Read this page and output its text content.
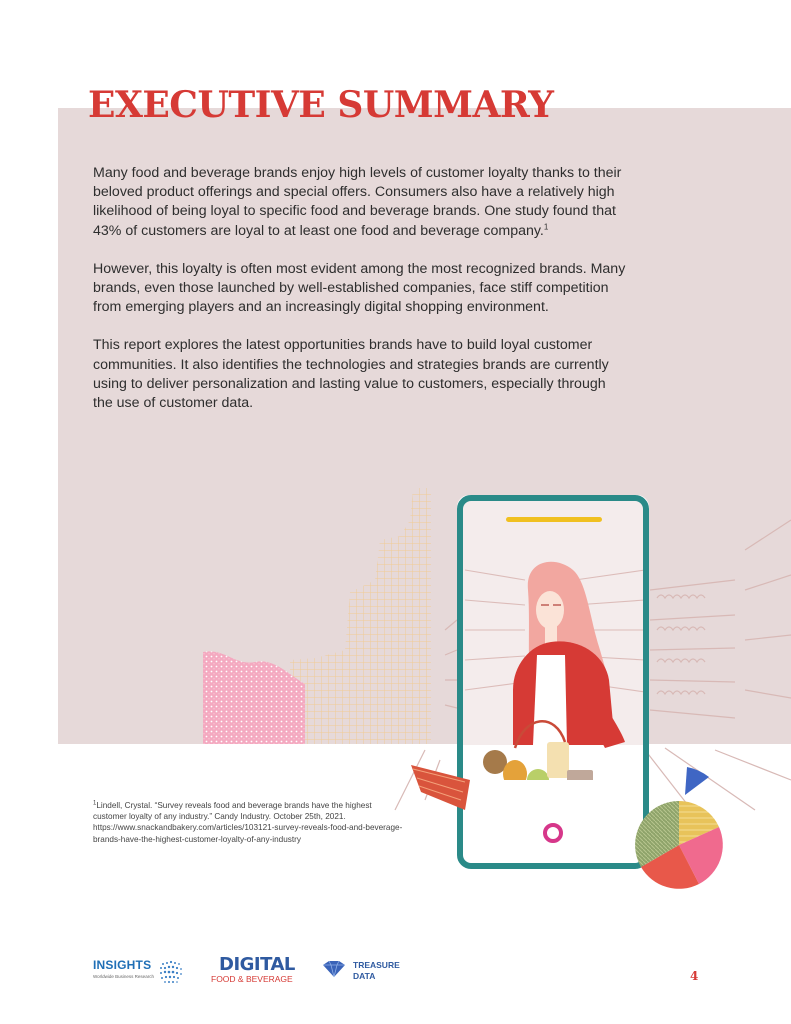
EXECUTIVE SUMMARY

Many food and beverage brands enjoy high levels of customer loyalty thanks to their beloved product offerings and special offers. Consumers also have a relatively high likelihood of being loyal to specific food and beverage brands. One study found that 43% of customers are loyal to at least one food and beverage company.$^1$

However, this loyalty is often most evident among the most recognized brands. Many brands, even those launched by well-established companies, face stiff competition from emerging players and an increasingly digital shopping environment.

This report explores the latest opportunities brands have to build loyal customer communities. It also identifies the technologies and strategies brands are currently using to deliver personalization and lasting value to customers, especially through the use of customer data.

$^1$Lindell, Crystal. “Survey reveals food and beverage brands have the highest customer loyalty of any industry.” Candy Industry. October 25th, 2021. https://www.snackandbakery.com/articles/103121-survey-reveals-food-and-beverage-brands-have-the-highest-customer-loyalty-of-any-industry
INSIGHTS
Worldwide Business Research
DIGITAL
FOOD & BEVERAGE
TREASURE
DATA	4
